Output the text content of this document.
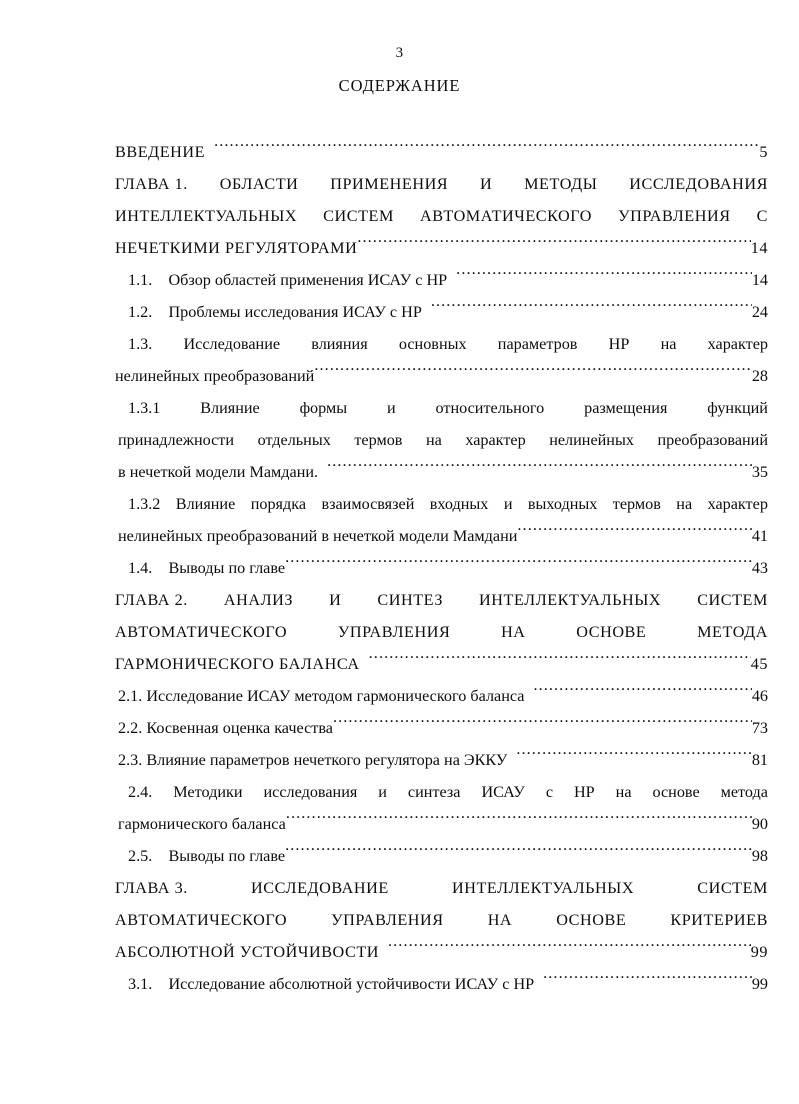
3
СОДЕРЖАНИЕ
ВВЕДЕНИЕ .....	5
ГЛАВА 1. ОБЛАСТИ ПРИМЕНЕНИЯ И МЕТОДЫ ИССЛЕДОВАНИЯ
ИНТЕЛЛЕКТУАЛЬНЫХ СИСТЕМ АВТОМАТИЧЕСКОГО УПРАВЛЕНИЯ С
НЕЧЕТКИМИ РЕГУЛЯТОРАМИ .....	14
1.1.    Обзор областей применения ИСАУ с НР .....	14
1.2.    Проблемы исследования ИСАУ с НР .....	24
1.3. Исследование влияния основных параметров НР на характер
нелинейных преобразований .....	28
1.3.1 Влияние формы и относительного размещения функций
принадлежности отдельных термов на характер нелинейных преобразований
в нечеткой модели Мамдани. .....	35
1.3.2 Влияние порядка взаимосвязей входных и выходных термов на характер
нелинейных преобразований в нечеткой модели Мамдани .....	41
1.4.    Выводы по главе .....	43
ГЛАВА 2. АНАЛИЗ И СИНТЕЗ ИНТЕЛЛЕКТУАЛЬНЫХ СИСТЕМ
АВТОМАТИЧЕСКОГО	УПРАВЛЕНИЯ	НА	ОСНОВЕ	МЕТОДА
ГАРМОНИЧЕСКОГО БАЛАНСА .....	45
2.1. Исследование ИСАУ методом гармонического баланса .....	46
2.2. Косвенная оценка качества .....	73
2.3. Влияние параметров нечеткого регулятора на ЭККУ .....	81
2.4. Методики исследования и синтеза ИСАУ с НР на основе метода
гармонического баланса .....	90
2.5.    Выводы по главе .....	98
ГЛАВА 3.	ИССЛЕДОВАНИЕ	ИНТЕЛЛЕКТУАЛЬНЫХ	СИСТЕМ
АВТОМАТИЧЕСКОГО	УПРАВЛЕНИЯ	НА	ОСНОВЕ	КРИТЕРИЕВ
АБСОЛЮТНОЙ УСТОЙЧИВОСТИ .....	99
3.1.    Исследование абсолютной устойчивости ИСАУ с НР .....	99
